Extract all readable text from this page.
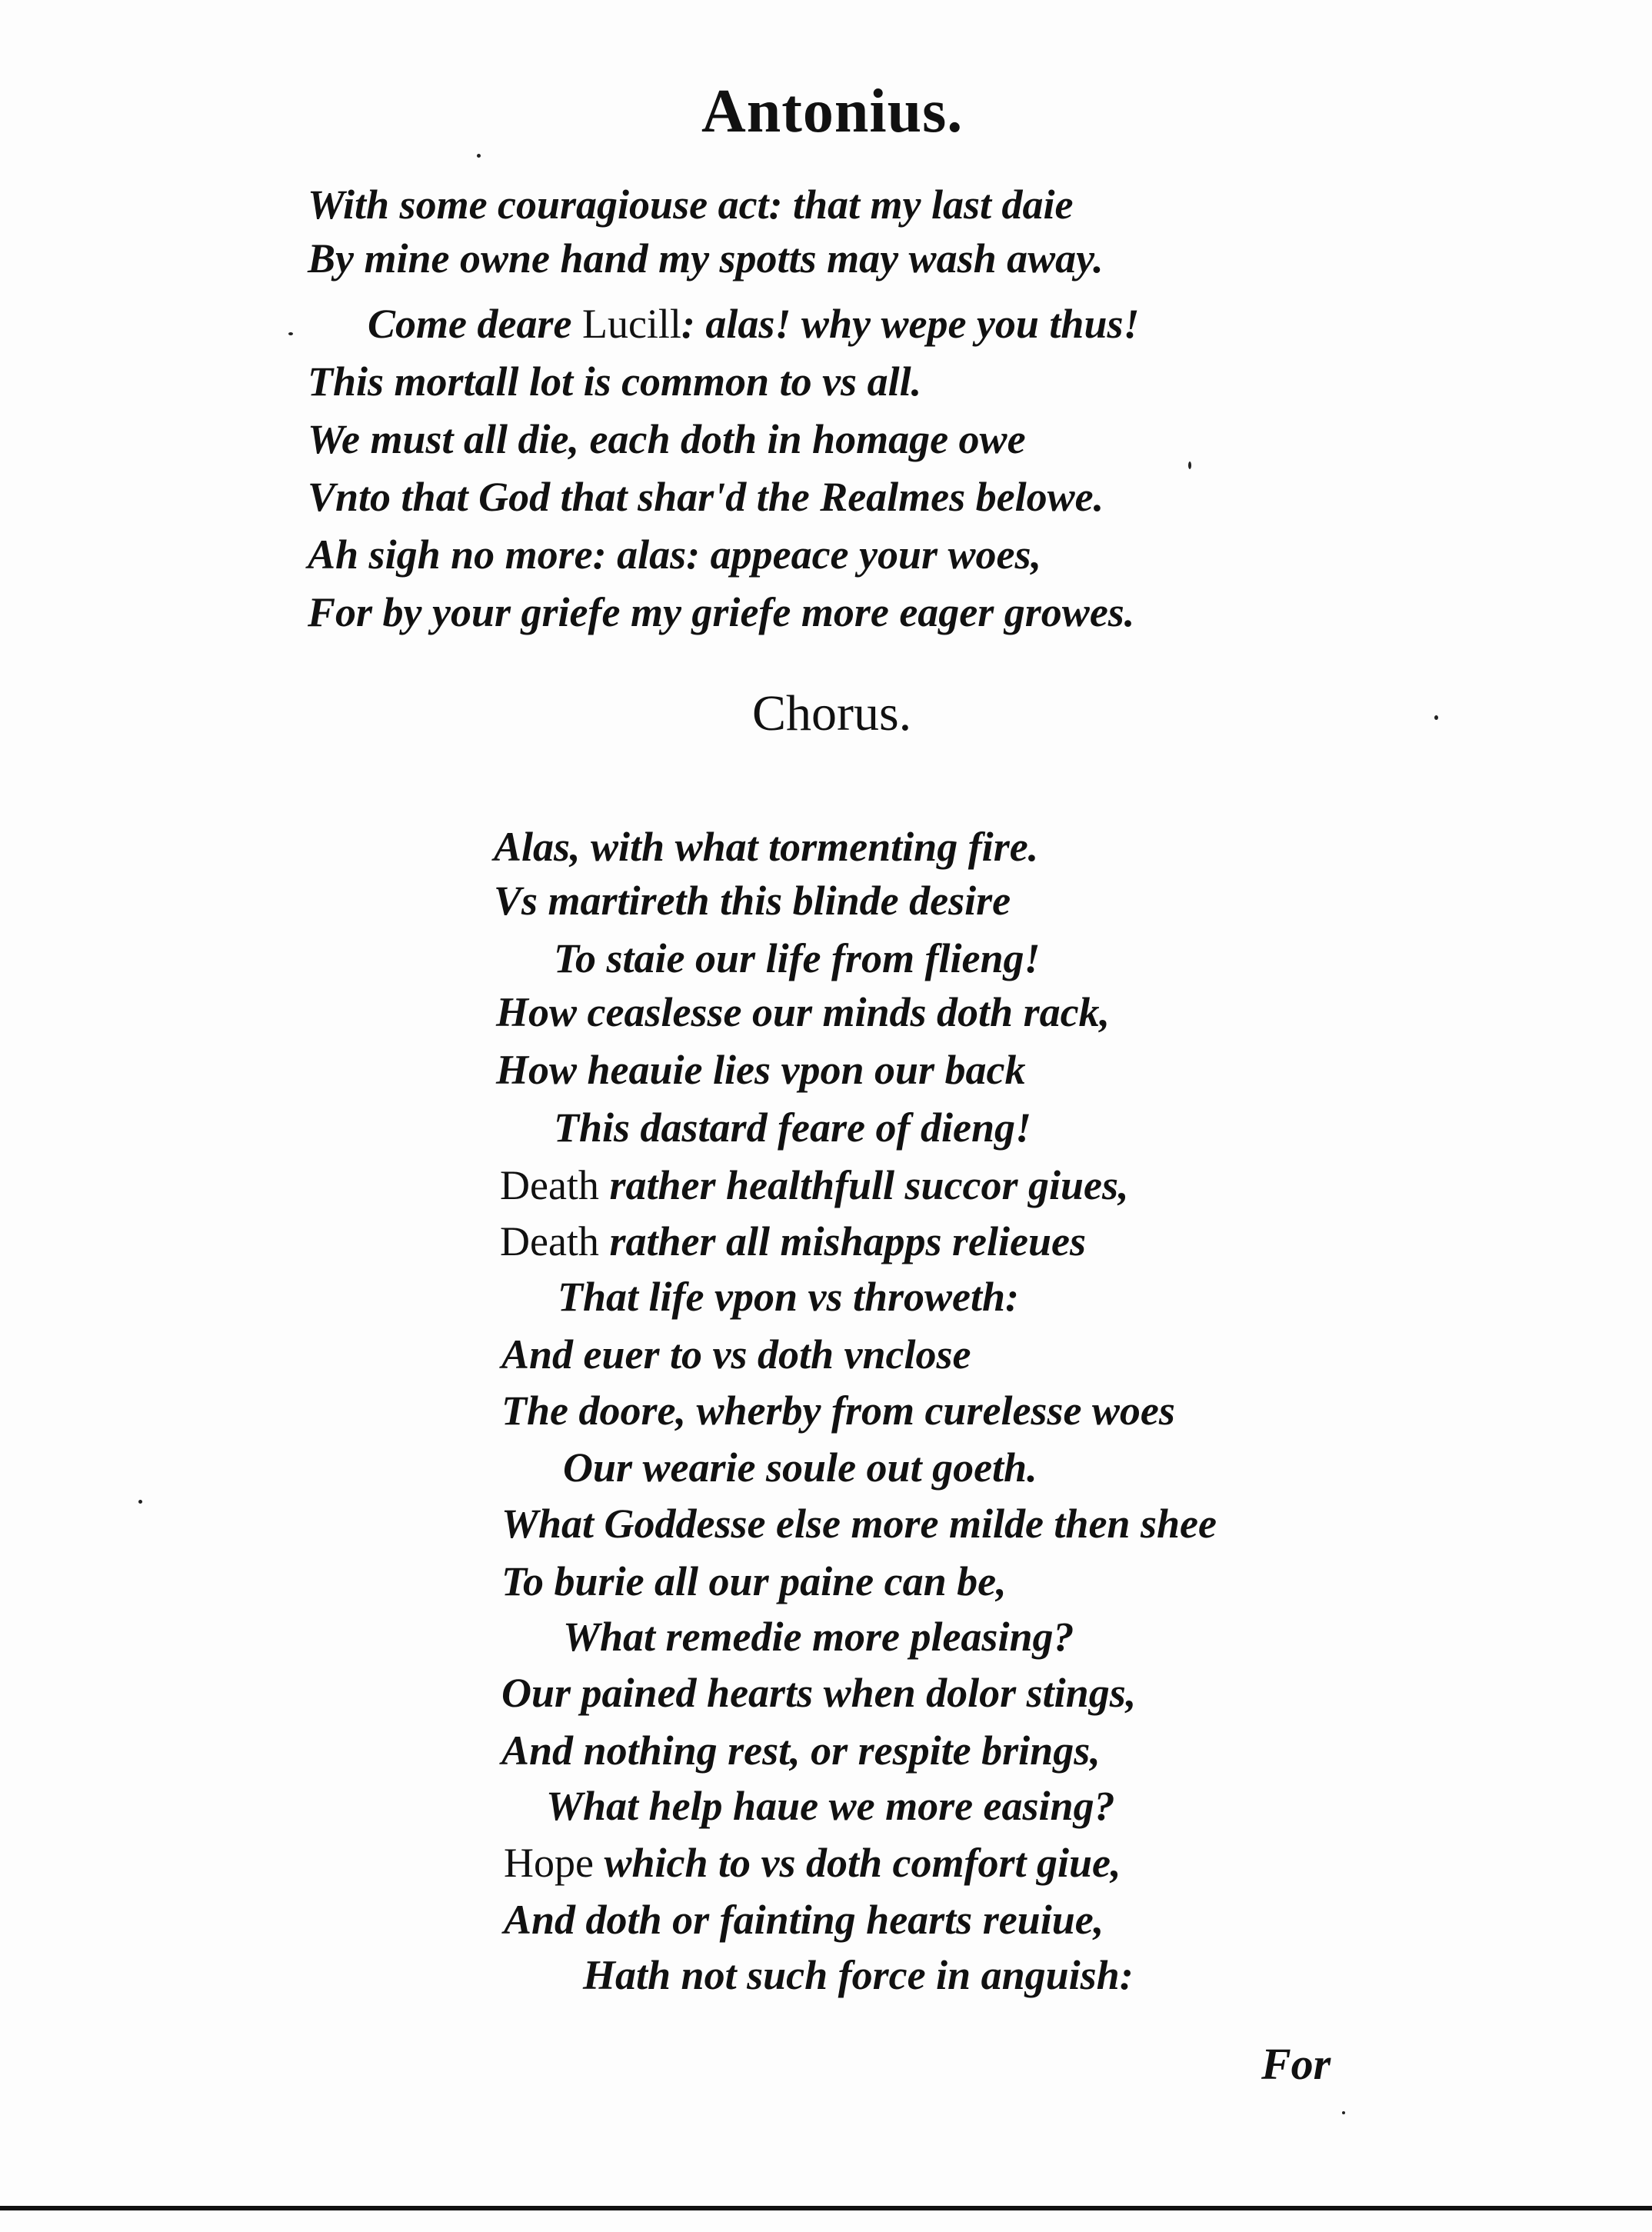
Antonius.

With some couragiouse act: that my last daie

By mine owne hand my spotts may wash away.

Come deare Lucill: alas! why wepe you thus!

This mortall lot is common to vs all.

We must all die, each doth in homage owe

Vnto that God that shar'd the Realmes belowe.

Ah sigh no more: alas: appeace your woes,

For by your griefe my griefe more eager growes.

Chorus.

Alas, with what tormenting fire.

Vs martireth this blinde desire

To staie our life from flieng!

How ceaslesse our minds doth rack,

How heauie lies vpon our back

This dastard feare of dieng!

Death rather healthfull succor giues,

Death rather all mishapps relieues

That life vpon vs throweth:

And euer to vs doth vnclose

The doore, wherby from curelesse woes

Our wearie soule out goeth.

What Goddesse else more milde then shee

To burie all our paine can be,

What remedie more pleasing?

Our pained hearts when dolor stings,

And nothing rest, or respite brings,

What help haue we more easing?

Hope which to vs doth comfort giue,

And doth or fainting hearts reuiue,

Hath not such force in anguish:

For
